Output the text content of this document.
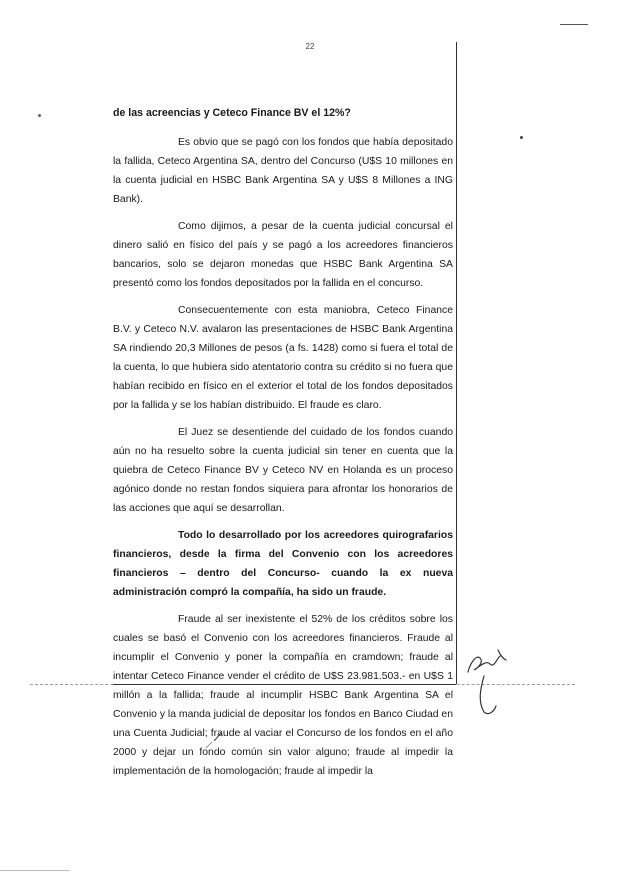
22

de las acreencias y Ceteco Finance BV el 12%?

Es obvio que se pagó con los fondos que había depositado la fallida, Ceteco Argentina SA, dentro del Concurso (U$S 10 millones en la cuenta judicial en HSBC Bank Argentina SA y U$S 8 Millones a ING Bank).

Como dijimos, a pesar de la cuenta judicial concursal el dinero salió en físico del país y se pagó a los acreedores financieros bancarios, solo se dejaron monedas que HSBC Bank Argentina SA presentó como los fondos depositados por la fallida en el concurso.

Consecuentemente con esta maniobra, Ceteco Finance B.V. y Ceteco N.V. avalaron las presentaciones de HSBC Bank Argentina SA rindiendo 20,3 Millones de pesos (a fs. 1428) como si fuera el total de la cuenta, lo que hubiera sido atentatorio contra su crédito si no fuera que habían recibido en físico en el exterior el total de los fondos depositados por la fallida y se los habían distribuido. El fraude es claro.

El Juez se desentiende del cuidado de los fondos cuando aún no ha resuelto sobre la cuenta judicial sin tener en cuenta que la quiebra de Ceteco Finance BV y Ceteco NV en Holanda es un proceso agónico donde no restan fondos siquiera para afrontar los honorarios de las acciones que aquí se desarrollan.

Todo lo desarrollado por los acreedores quirografarios financieros, desde la firma del Convenio con los acreedores financieros – dentro del Concurso- cuando la ex nueva administración compró la compañía, ha sido un fraude.

Fraude al ser inexistente el 52% de los créditos sobre los cuales se basó el Convenio con los acreedores financieros. Fraude al incumplir el Convenio y poner la compañía en cramdown; fraude al intentar Ceteco Finance vender el crédito de U$S 23.981.503.- en U$S 1 millón a la fallida; fraude al incumplir HSBC Bank Argentina SA el Convenio y la manda judicial de depositar los fondos en Banco Ciudad en una Cuenta Judicial; fraude al vaciar el Concurso de los fondos en el año 2000 y dejar un fondo común sin valor alguno; fraude al impedir la implementación de la homologación; fraude al impedir la
